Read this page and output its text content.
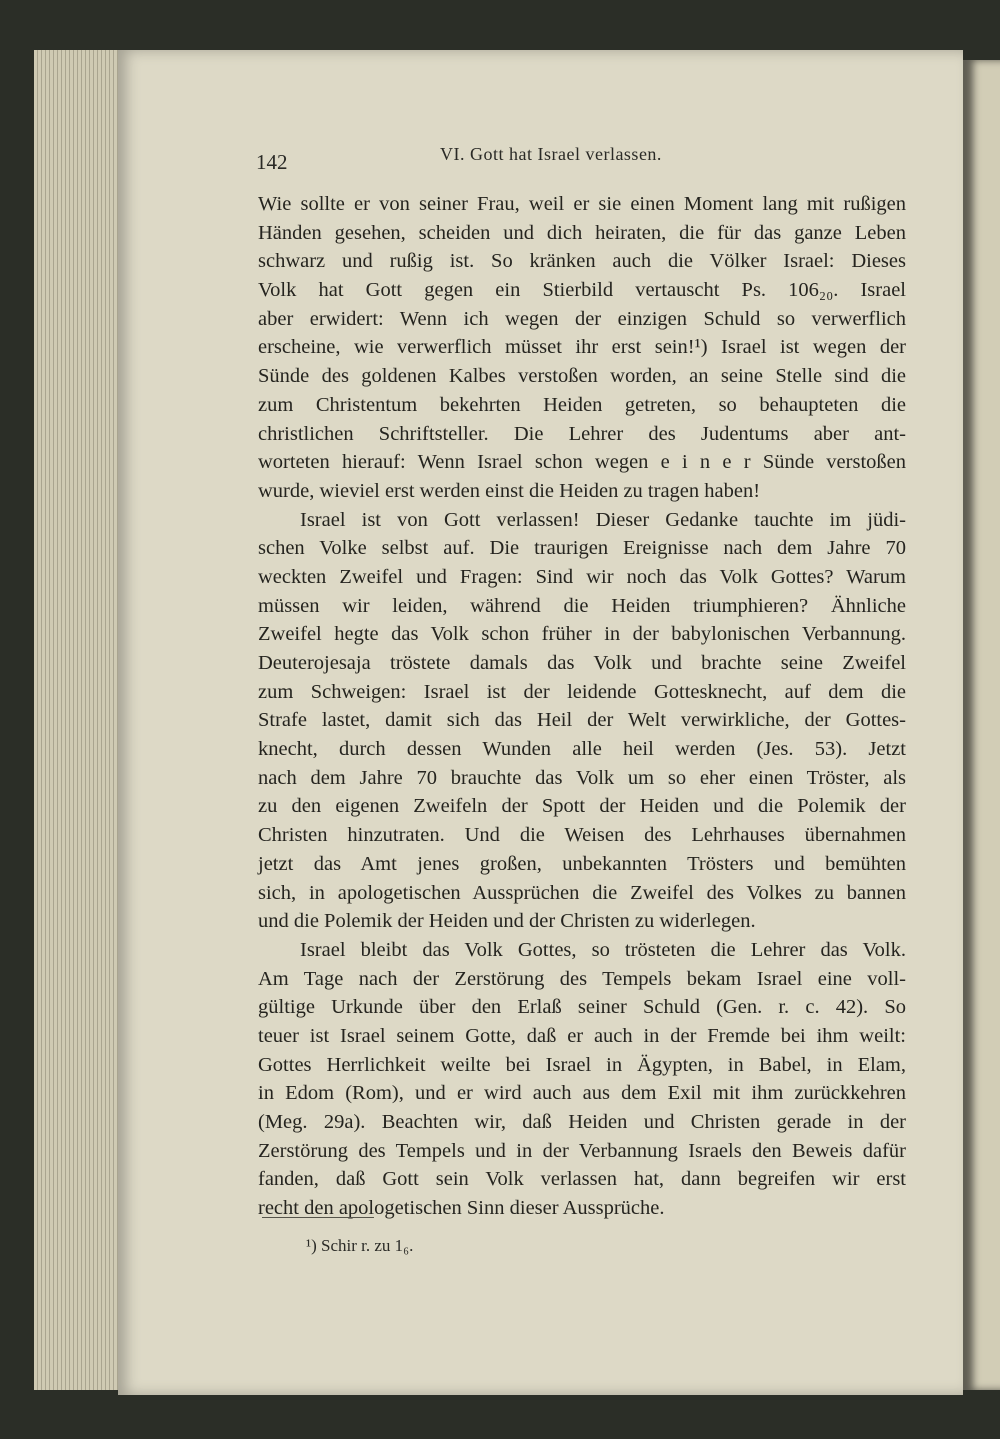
142	VI. Gott hat Israel verlassen.
Wie sollte er von seiner Frau, weil er sie einen Moment lang mit rußigen
Händen gesehen, scheiden und dich heiraten, die für das ganze Leben
schwarz und rußig ist. So kränken auch die Völker Israel: Dieses
Volk hat Gott gegen ein Stierbild vertauscht Ps. 106₂₀. Israel
aber erwidert: Wenn ich wegen der einzigen Schuld so verwerflich
erscheine, wie verwerflich müsset ihr erst sein!¹) Israel ist wegen der
Sünde des goldenen Kalbes verstoßen worden, an seine Stelle sind die
zum Christentum bekehrten Heiden getreten, so behaupteten die
christlichen Schriftsteller. Die Lehrer des Judentums aber ant-
worteten hierauf: Wenn Israel schon wegen e i n e r Sünde verstoßen
wurde, wieviel erst werden einst die Heiden zu tragen haben!
Israel ist von Gott verlassen! Dieser Gedanke tauchte im jüdi-
schen Volke selbst auf. Die traurigen Ereignisse nach dem Jahre 70
weckten Zweifel und Fragen: Sind wir noch das Volk Gottes? Warum
müssen wir leiden, während die Heiden triumphieren? Ähnliche
Zweifel hegte das Volk schon früher in der babylonischen Verbannung.
Deuterojesaja tröstete damals das Volk und brachte seine Zweifel
zum Schweigen: Israel ist der leidende Gottesknecht, auf dem die
Strafe lastet, damit sich das Heil der Welt verwirkliche, der Gottes-
knecht, durch dessen Wunden alle heil werden (Jes. 53). Jetzt
nach dem Jahre 70 brauchte das Volk um so eher einen Tröster, als
zu den eigenen Zweifeln der Spott der Heiden und die Polemik der
Christen hinzutraten. Und die Weisen des Lehrhauses übernahmen
jetzt das Amt jenes großen, unbekannten Trösters und bemühten
sich, in apologetischen Aussprüchen die Zweifel des Volkes zu bannen
und die Polemik der Heiden und der Christen zu widerlegen.
Israel bleibt das Volk Gottes, so trösteten die Lehrer das Volk.
Am Tage nach der Zerstörung des Tempels bekam Israel eine voll-
gültige Urkunde über den Erlaß seiner Schuld (Gen. r. c. 42). So
teuer ist Israel seinem Gotte, daß er auch in der Fremde bei ihm weilt:
Gottes Herrlichkeit weilte bei Israel in Ägypten, in Babel, in Elam,
in Edom (Rom), und er wird auch aus dem Exil mit ihm zurückkehren
(Meg. 29a). Beachten wir, daß Heiden und Christen gerade in der
Zerstörung des Tempels und in der Verbannung Israels den Beweis dafür
fanden, daß Gott sein Volk verlassen hat, dann begreifen wir erst
recht den apologetischen Sinn dieser Aussprüche.
¹) Schir r. zu 1₆.
